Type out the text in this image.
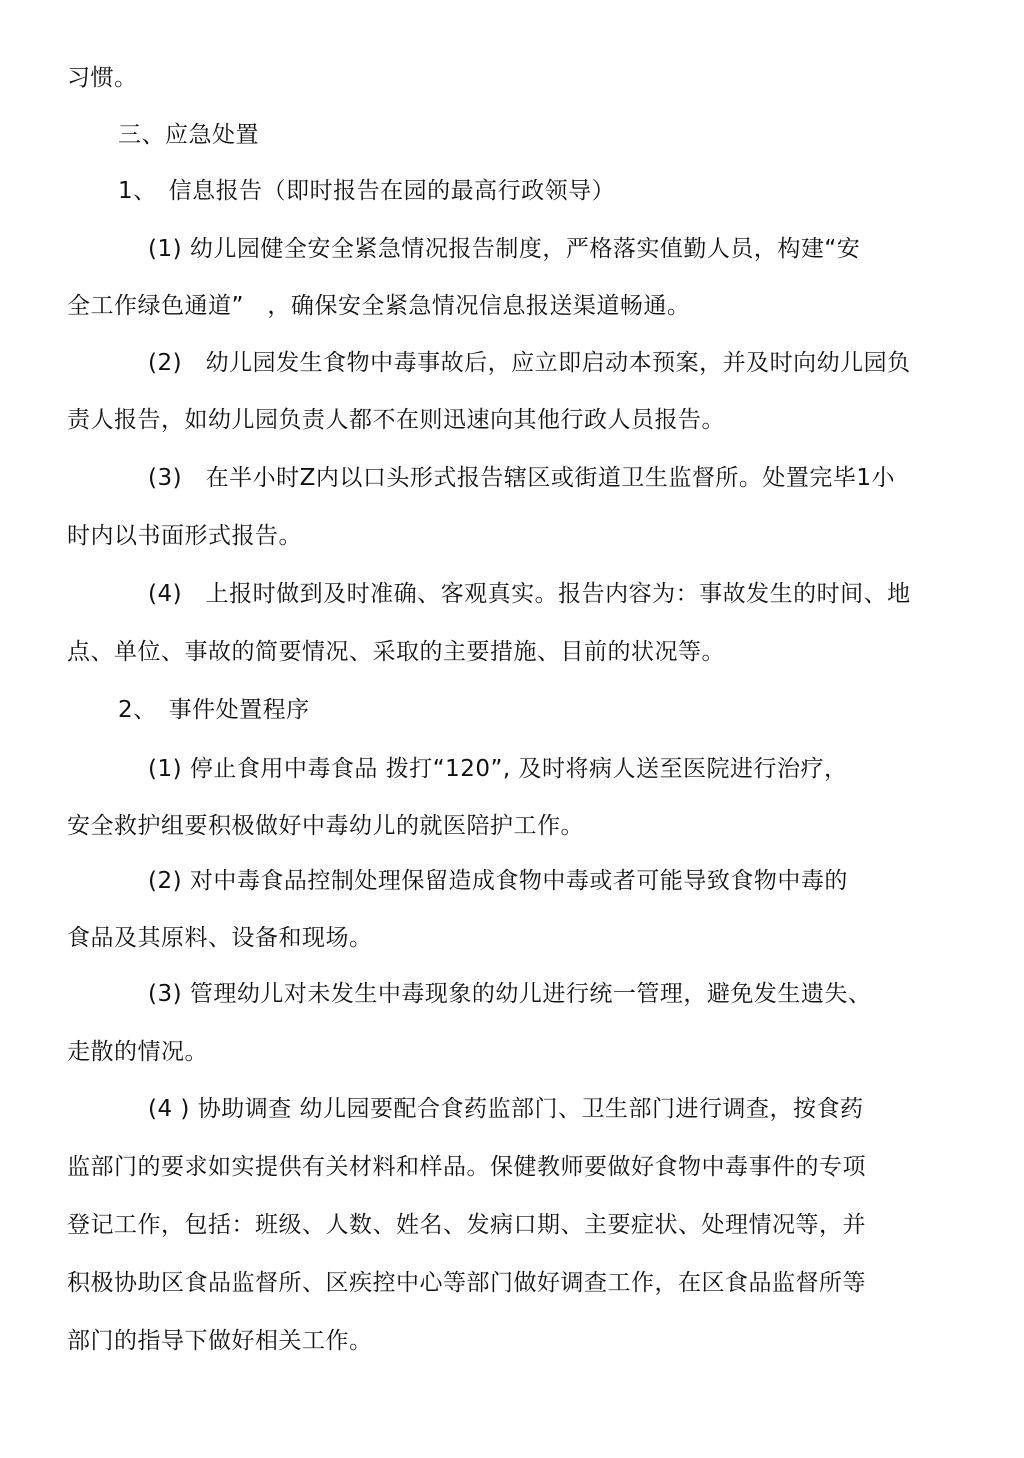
习惯。
三、应急处置
1、　信息报告（即时报告在园的最高行政领导）
(1) 幼儿园健全安全紧急情况报告制度，严格落实值勤人员，构建“安
全工作绿色通道”　，确保安全紧急情况信息报送渠道畅通。
(2)　幼儿园发生食物中毒事故后，应立即启动本预案，并及时向幼儿园负
责人报告，如幼儿园负责人都不在则迅速向其他行政人员报告。
(3)　在半小时Z内以口头形式报告辖区或街道卫生监督所。处置完毕1小
时内以书面形式报告。
(4)　上报时做到及时准确、客观真实。报告内容为：事故发生的时间、地
点、单位、事故的简要情况、采取的主要措施、目前的状况等。
2、　事件处置程序
(1) 停止食用中毒食品 拨打“120”, 及时将病人送至医院进行治疗，
安全救护组要积极做好中毒幼儿的就医陪护工作。
(2) 对中毒食品控制处理保留造成食物中毒或者可能导致食物中毒的
食品及其原料、设备和现场。
(3) 管理幼儿对未发生中毒现象的幼儿进行统一管理，避免发生遗失、
走散的情况。
(4 ) 协助调查 幼儿园要配合食药监部门、卫生部门进行调查，按食药
监部门的要求如实提供有关材料和样品。保健教师要做好食物中毒事件的专项
登记工作，包括：班级、人数、姓名、发病口期、主要症状、处理情况等，并
积极协助区食品监督所、区疾控中心等部门做好调查工作，在区食品监督所等
部门的指导下做好相关工作。
